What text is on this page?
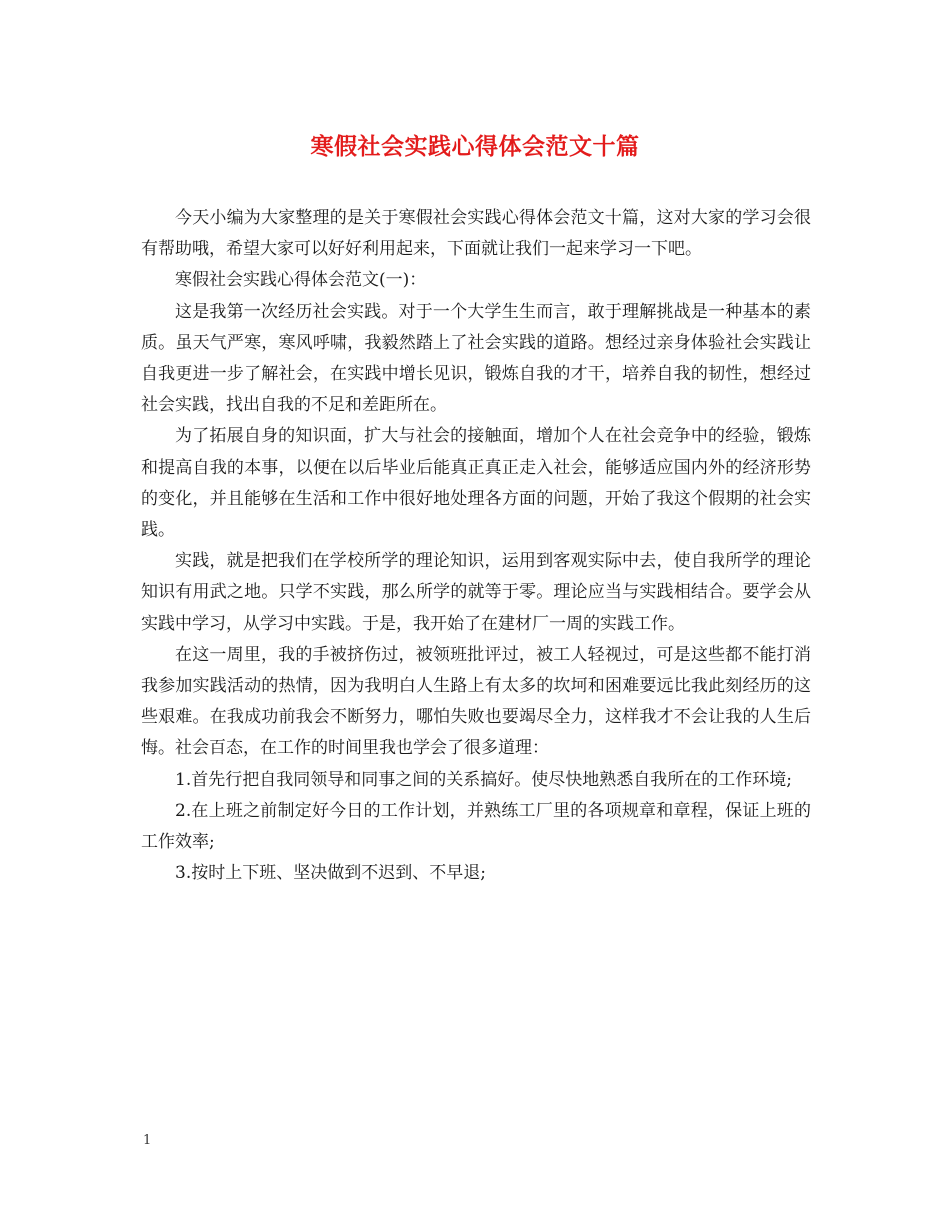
寒假社会实践心得体会范文十篇

今天小编为大家整理的是关于寒假社会实践心得体会范文十篇，这对大家的学习会很有帮助哦，希望大家可以好好利用起来，下面就让我们一起来学习一下吧。

寒假社会实践心得体会范文(一)：

这是我第一次经历社会实践。对于一个大学生生而言，敢于理解挑战是一种基本的素质。虽天气严寒，寒风呼啸，我毅然踏上了社会实践的道路。想经过亲身体验社会实践让自我更进一步了解社会，在实践中增长见识，锻炼自我的才干，培养自我的韧性，想经过社会实践，找出自我的不足和差距所在。

为了拓展自身的知识面，扩大与社会的接触面，增加个人在社会竞争中的经验，锻炼和提高自我的本事，以便在以后毕业后能真正真正走入社会，能够适应国内外的经济形势的变化，并且能够在生活和工作中很好地处理各方面的问题，开始了我这个假期的社会实践。

实践，就是把我们在学校所学的理论知识，运用到客观实际中去，使自我所学的理论知识有用武之地。只学不实践，那么所学的就等于零。理论应当与实践相结合。要学会从实践中学习，从学习中实践。于是，我开始了在建材厂一周的实践工作。

在这一周里，我的手被挤伤过，被领班批评过，被工人轻视过，可是这些都不能打消我参加实践活动的热情，因为我明白人生路上有太多的坎坷和困难要远比我此刻经历的这些艰难。在我成功前我会不断努力，哪怕失败也要竭尽全力，这样我才不会让我的人生后悔。社会百态，在工作的时间里我也学会了很多道理：

1.首先行把自我同领导和同事之间的关系搞好。使尽快地熟悉自我所在的工作环境;

2.在上班之前制定好今日的工作计划，并熟练工厂里的各项规章和章程，保证上班的工作效率;

3.按时上下班、坚决做到不迟到、不早退;

1
